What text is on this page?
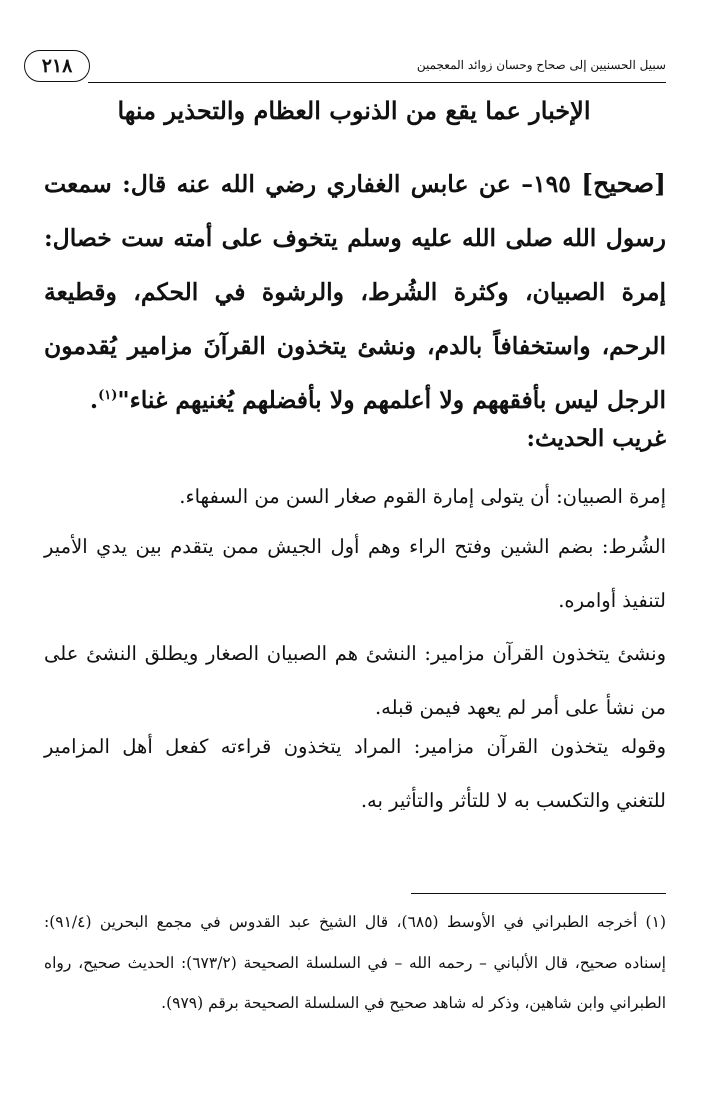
٢١٨	سبيل الحسنيين إلى صحاح وحسان زوائد المعجمين
الإخبار عما يقع من الذنوب العظام والتحذير منها
[صحيح] ١٩٥– عن عابس الغفاري رضي الله عنه قال: سمعت رسول الله صلى الله عليه وسلم يتخوف على أمته ست خصال: إمرة الصبيان، وكثرة الشُرط، والرشوة في الحكم، وقطيعة الرحم، واستخفافاً بالدم، ونشئ يتخذون القرآنَ مزامير يُقدمون الرجل ليس بأفقههم ولا أعلمهم ولا بأفضلهم يُغنيهم غناء"$^{(١)}$.
غريب الحديث:
إمرة الصبيان: أن يتولى إمارة القوم صغار السن من السفهاء.
الشُرط: بضم الشين وفتح الراء وهم أول الجيش ممن يتقدم بين يدي الأمير لتنفيذ أوامره.
ونشئ يتخذون القرآن مزامير: النشئ هم الصبيان الصغار ويطلق النشئ على من نشأ على أمر لم يعهد فيمن قبله.
وقوله يتخذون القرآن مزامير: المراد يتخذون قراءته كفعل أهل المزامير للتغني والتكسب به لا للتأثر والتأثير به.
(١) أخرجه الطبراني في الأوسط (٦٨٥)، قال الشيخ عبد القدوس في مجمع البحرين (٩١/٤): إسناده صحيح، قال الألباني – رحمه الله – في السلسلة الصحيحة (٦٧٣/٢): الحديث صحيح، رواه الطبراني وابن شاهين، وذكر له شاهد صحيح في السلسلة الصحيحة برقم (٩٧٩).
